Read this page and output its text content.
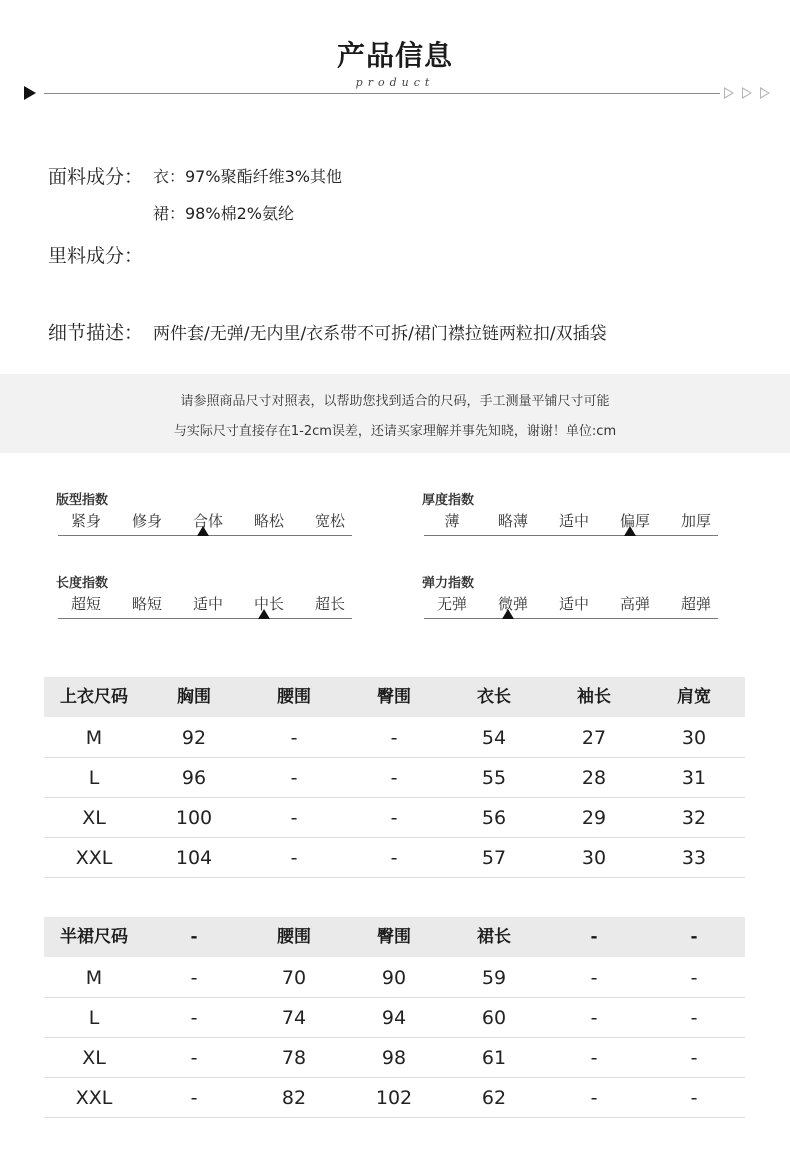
产品信息
product
面料成分： 衣：97%聚酯纤维3%其他
裙：98%棉2%氨纶
里料成分：
细节描述： 两件套/无弹/无内里/衣系带不可拆/裙门襟拉链两粒扣/双插袋
请参照商品尺寸对照表，以帮助您找到适合的尺码，手工测量平铺尺寸可能
与实际尺寸直接存在1-2cm误差，还请买家理解并事先知晓，谢谢！单位:cm
版型指数
紧身	修身	合体	略松	宽松
厚度指数
薄	略薄	适中	偏厚	加厚
长度指数
超短	略短	适中	中长	超长
弹力指数
无弹	微弹	适中	高弹	超弹
上衣尺码	胸围	腰围	臀围	衣长	袖长	肩宽
M	92	-	-	54	27	30
L	96	-	-	55	28	31
XL	100	-	-	56	29	32
XXL	104	-	-	57	30	33
半裙尺码	-	腰围	臀围	裙长	-	-
M	-	70	90	59	-	-
L	-	74	94	60	-	-
XL	-	78	98	61	-	-
XXL	-	82	102	62	-	-
